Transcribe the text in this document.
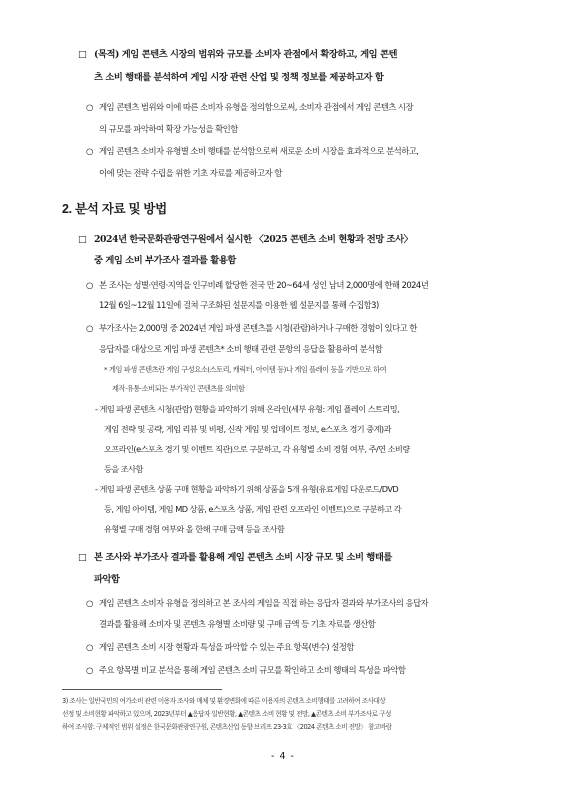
□ (목적) 게임 콘텐츠 시장의 범위와 규모를 소비자 관점에서 확장하고, 게임 콘텐
츠 소비 행태를 분석하여 게임 시장 관련 산업 및 정책 정보를 제공하고자 함
○ 게임 콘텐츠 범위와 이에 따른 소비자 유형을 정의함으로써, 소비자 관점에서 게임 콘텐츠 시장
의 규모를 파악하여 확장 가능성을 확인함
○ 게임 콘텐츠 소비자 유형별 소비 행태를 분석함으로써 새로운 소비 시장을 효과적으로 분석하고,
이에 맞는 전략 수립을 위한 기초 자료를 제공하고자 함
2. 분석 자료 및 방법
□ 2024년 한국문화관광연구원에서 실시한 〈2025 콘텐츠 소비 현황과 전망 조사〉
중 게임 소비 부가조사 결과를 활용함
○ 본 조사는 성별·연령·지역을 인구비례 할당한 전국 만 20~64세 성인 남녀 2,000명에 한해 2024년
12월 6일~12월 11일에 걸쳐 구조화된 설문지를 이용한 웹 설문지를 통해 수집함3)
○ 부가조사는 2,000명 중 2024년 게임 파생 콘텐츠를 시청(관람)하거나 구매한 경험이 있다고 한
응답자를 대상으로 게임 파생 콘텐츠* 소비 행태 관련 문항의 응답을 활용하여 분석함
* 게임 파생 콘텐츠란 게임 구성요소(스토리, 캐릭터, 아이템 등)나 게임 플레이 등을 기반으로 하여
제작·유통·소비되는 부가적인 콘텐츠를 의미함
- 게임 파생 콘텐츠 시청(관람) 현황을 파악하기 위해 온라인(세부 유형: 게임 플레이 스트리밍,
게임 전략 및 공략, 게임 리뷰 및 비평, 신작 게임 및 업데이트 정보, e스포츠 경기 중계)과
오프라인(e스포츠 경기 및 이벤트 직관)으로 구분하고, 각 유형별 소비 경험 여부, 주/연 소비량
등을 조사함
- 게임 파생 콘텐츠 상품 구매 현황을 파악하기 위해 상품을 5개 유형(유료게임 다운로드/DVD
등, 게임 아이템, 게임 MD 상품, e스포츠 상품, 게임 관련 오프라인 이벤트)으로 구분하고 각
유형별 구매 경험 여부와 올 한해 구매 금액 등을 조사함
□ 본 조사와 부가조사 결과를 활용해 게임 콘텐츠 소비 시장 규모 및 소비 행태를
파악함
○ 게임 콘텐츠 소비자 유형을 정의하고 본 조사의 게임을 직접 하는 응답자 결과와 부가조사의 응답자
결과를 활용해 소비자 및 콘텐츠 유형별 소비량 및 구매 금액 등 기초 자료를 생산함
○ 게임 콘텐츠 소비 시장 현황과 특성을 파악할 수 있는 주요 항목(변수) 설정함
○ 주요 항목별 비교 분석을 통해 게임 콘텐츠 소비 규모를 확인하고 소비 행태의 특성을 파악함
3) 조사는 일반국민의 여가소비 관련 이용자 조사와 매체 및 환경변화에 따른 이용자의 콘텐츠 소비행태를 고려하여 조사대상
선정 및 소비현황 파악하고 있으며, 2023년부터 ▲응답자 일반현황, ▲콘텐츠 소비 현황 및 전망, ▲콘텐츠 소비 부가조사로 구성
하여 조사함. 구체적인 범위 설정은 한국문화관광연구원, 콘텐츠산업 동향 브리프 23-3호 〈2024 콘텐츠 소비 전망〉 참고바람
- 4 -
